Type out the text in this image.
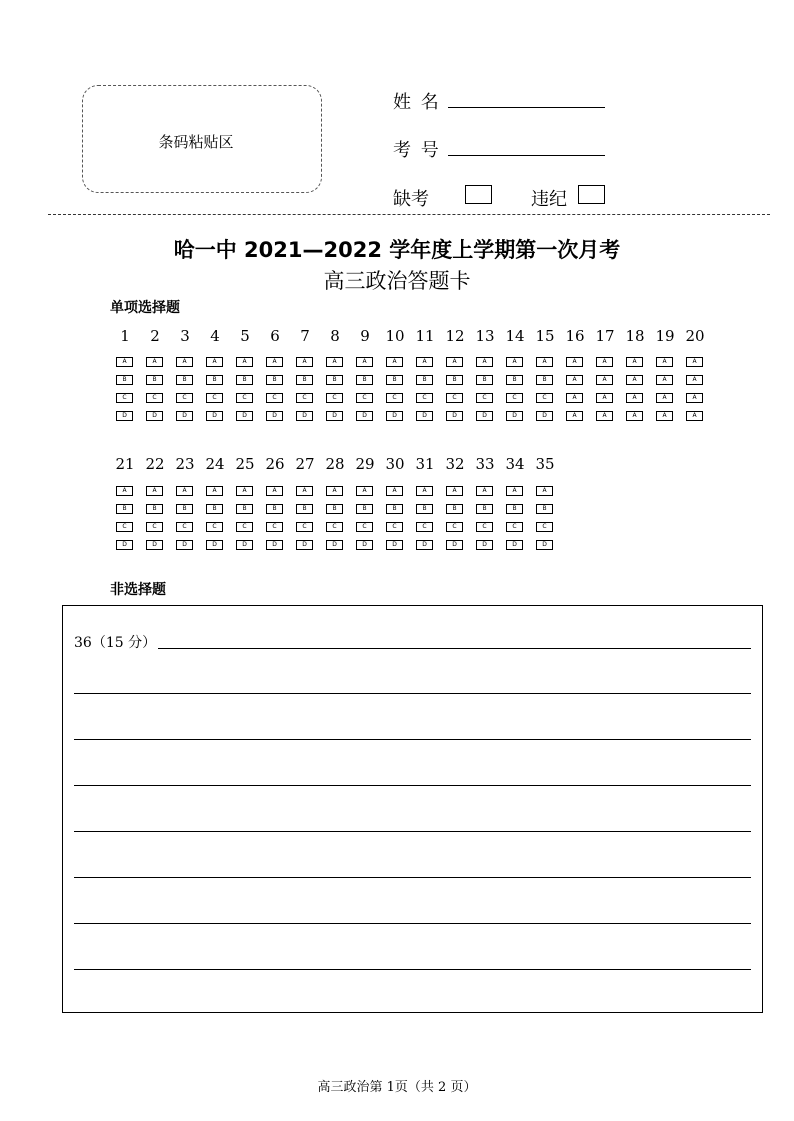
条码粘贴区
姓 名
考 号
缺考	违纪
哈一中 2021—2022 学年度上学期第一次月考
高三政治答题卡
单项选择题
1
A
B
C
D
2
A
B
C
D
3
A
B
C
D
4
A
B
C
D
5
A
B
C
D
6
A
B
C
D
7
A
B
C
D
8
A
B
C
D
9
A
B
C
D
10
A
B
C
D
11
A
B
C
D
12
A
B
C
D
13
A
B
C
D
14
A
B
C
D
15
A
B
C
D
16
A
A
A
A
17
A
A
A
A
18
A
A
A
A
19
A
A
A
A
20
A
A
A
A
21
A
B
C
D
22
A
B
C
D
23
A
B
C
D
24
A
B
C
D
25
A
B
C
D
26
A
B
C
D
27
A
B
C
D
28
A
B
C
D
29
A
B
C
D
30
A
B
C
D
31
A
B
C
D
32
A
B
C
D
33
A
B
C
D
34
A
B
C
D
35
A
B
C
D
非选择题
36（15 分）
高三政治第 1页（共 2 页）
